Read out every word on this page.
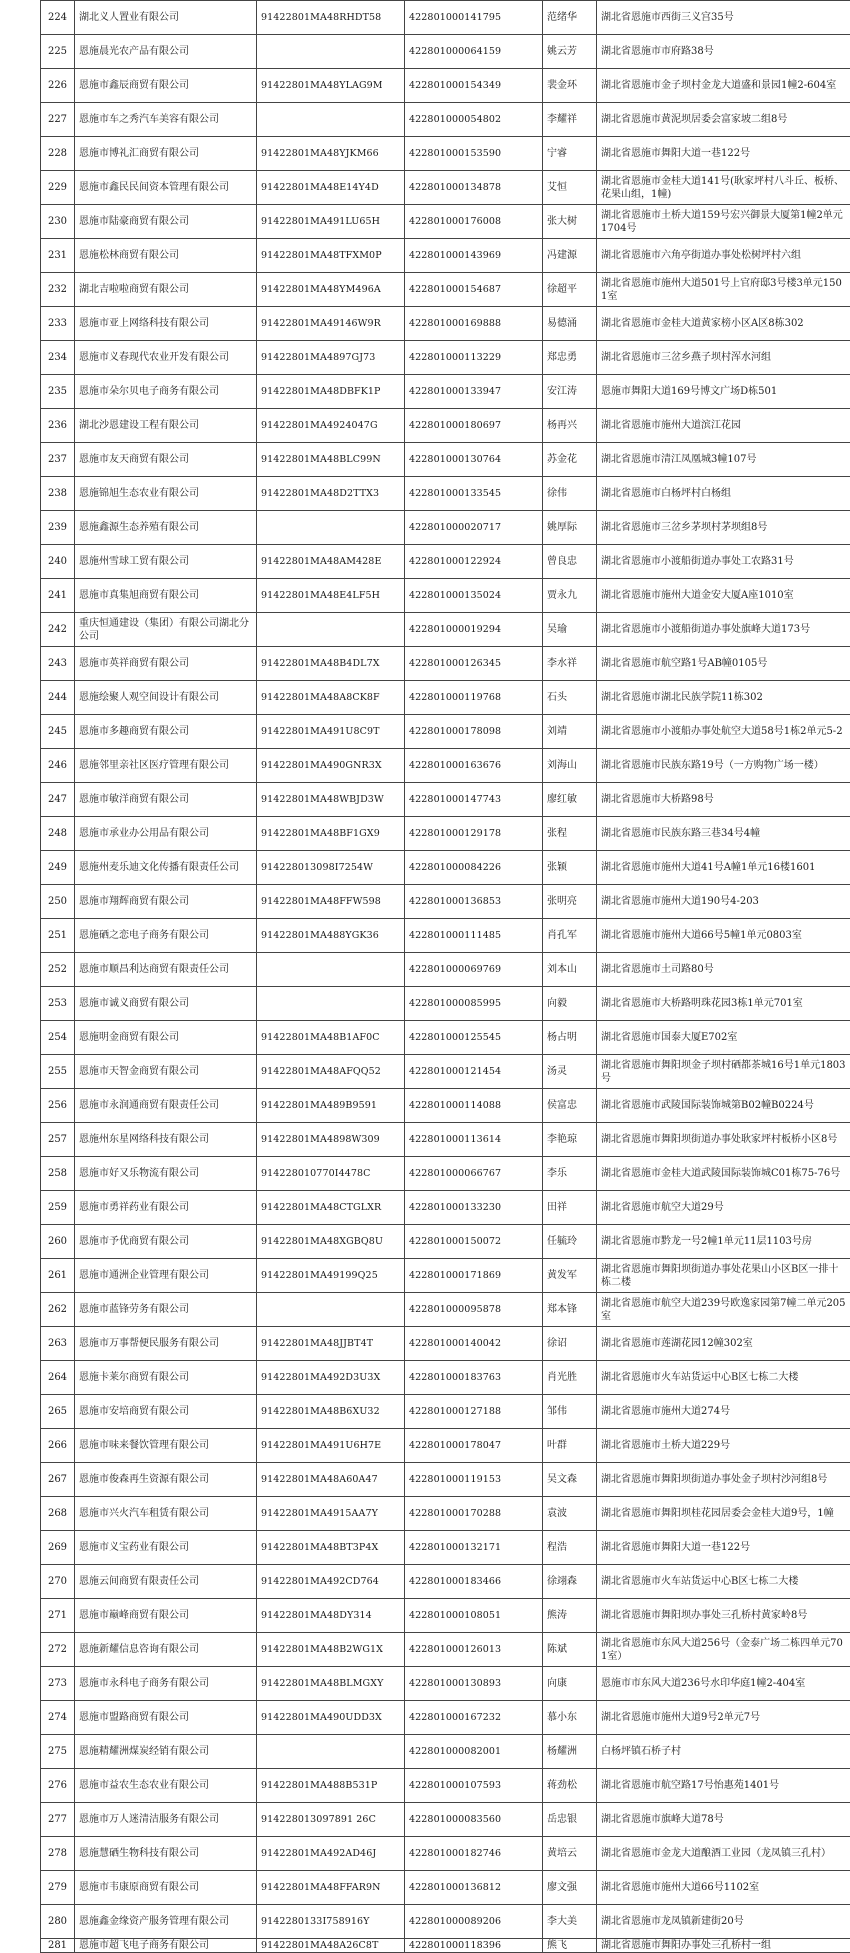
224	湖北义人置业有限公司	91422801MA48RHDT58	422801000141795	范绪华	湖北省恩施市西街三义宫35号
225	恩施晨光农产品有限公司		422801000064159	姚云芳	湖北省恩施市市府路38号
226	恩施市鑫辰商贸有限公司	91422801MA48YLAG9M	422801000154349	裴金环	湖北省恩施市金子坝村金龙大道盛和景园1幢2-604室
227	恩施市车之秀汽车美容有限公司		422801000054802	李耀祥	湖北省恩施市黄泥坝居委会富家坡二组8号
228	恩施市博礼汇商贸有限公司	91422801MA48YJKM66	422801000153590	宁睿	湖北省恩施市舞阳大道一巷122号
229	恩施市鑫民民间资本管理有限公司	91422801MA48E14Y4D	422801000134878	艾恒	湖北省恩施市金桂大道141号(耿家坪村八斗丘、板桥、花果山组，1幢)
230	恩施市陆豪商贸有限公司	91422801MA491LU65H	422801000176008	张大树	湖北省恩施市土桥大道159号宏兴御景大厦第1幢2单元1704号
231	恩施松林商贸有限公司	91422801MA48TFXM0P	422801000143969	冯建源	湖北省恩施市六角亭街道办事处松树坪村六组
232	湖北吉啦啦商贸有限公司	91422801MA48YM496A	422801000154687	徐超平	湖北省恩施市施州大道501号上官府邸3号楼3单元1501室
233	恩施市亚上网络科技有限公司	91422801MA49146W9R	422801000169888	易德涌	湖北省恩施市金桂大道黄家榜小区A区8栋302
234	恩施市义春现代农业开发有限公司	91422801MA4897GJ73	422801000113229	郑忠勇	湖北省恩施市三岔乡燕子坝村浑水河组
235	恩施市朵尔贝电子商务有限公司	91422801MA48DBFK1P	422801000133947	安江涛	恩施市舞阳大道169号博文广场D栋501
236	湖北沙恩建设工程有限公司	91422801MA4924047G	422801000180697	杨再兴	湖北省恩施市施州大道滨江花园
237	恩施市友天商贸有限公司	91422801MA48BLC99N	422801000130764	苏金花	湖北省恩施市清江凤凰城3幢107号
238	恩施锦旭生态农业有限公司	91422801MA48D2TTX3	422801000133545	徐伟	湖北省恩施市白杨坪村白杨组
239	恩施鑫源生态养殖有限公司		422801000020717	姚厚际	湖北省恩施市三岔乡茅坝村茅坝组8号
240	恩施州雪球工贸有限公司	91422801MA48AM428E	422801000122924	曾良忠	湖北省恩施市小渡船街道办事处工农路31号
241	恩施市真集旭商贸有限公司	91422801MA48E4LF5H	422801000135024	贾永九	湖北省恩施市施州大道金安大厦A座1010室
242	重庆恒通建设（集团）有限公司湖北分公司		422801000019294	吴瑜	湖北省恩施市小渡船街道办事处旗峰大道173号
243	恩施市英祥商贸有限公司	91422801MA48B4DL7X	422801000126345	李水祥	湖北省恩施市航空路1号AB幢0105号
244	恩施绘聚人观空间设计有限公司	91422801MA48A8CK8F	422801000119768	石头	湖北省恩施市湖北民族学院11栋302
245	恩施市多趣商贸有限公司	91422801MA491U8C9T	422801000178098	刘靖	湖北省恩施市小渡船办事处航空大道58号1栋2单元5-2
246	恩施邻里亲社区医疗管理有限公司	91422801MA490GNR3X	422801000163676	刘海山	湖北省恩施市民族东路19号（一方购物广场一楼）
247	恩施市敏洋商贸有限公司	91422801MA48WBJD3W	422801000147743	廖红敏	湖北省恩施市大桥路98号
248	恩施市承业办公用品有限公司	91422801MA48BF1GX9	422801000129178	张程	湖北省恩施市民族东路三巷34号4幢
249	恩施州麦乐迪文化传播有限责任公司	914228013098I7254W	422801000084226	张颖	湖北省恩施市施州大道41号A幢1单元16楼1601
250	恩施市翔辉商贸有限公司	91422801MA48FFW598	422801000136853	张明亮	湖北省恩施市施州大道190号4-203
251	恩施硒之恋电子商务有限公司	91422801MA488YGK36	422801000111485	肖孔军	湖北省恩施市施州大道66号5幢1单元0803室
252	恩施市顺昌利达商贸有限责任公司		422801000069769	刘本山	湖北省恩施市土司路80号
253	恩施市诚义商贸有限公司		422801000085995	向毅	湖北省恩施市大桥路明珠花园3栋1单元701室
254	恩施明金商贸有限公司	91422801MA48B1AF0C	422801000125545	杨占明	湖北省恩施市国泰大厦E702室
255	恩施市天智金商贸有限公司	91422801MA48AFQQ52	422801000121454	汤灵	湖北省恩施市舞阳坝金子坝村硒都茶城16号1单元1803号
256	恩施市永润通商贸有限责任公司	91422801MA489B9591	422801000114088	侯富忠	湖北省恩施市武陵国际装饰城第B02幢B0224号
257	恩施州东星网络科技有限公司	91422801MA4898W309	422801000113614	李艳琼	湖北省恩施市舞阳坝街道办事处耿家坪村板桥小区8号
258	恩施市好又乐物流有限公司	914228010770I4478C	422801000066767	李乐	湖北省恩施市金桂大道武陵国际装饰城C01栋75-76号
259	恩施市勇祥药业有限公司	91422801MA48CTGLXR	422801000133230	田祥	湖北省恩施市航空大道29号
260	恩施市予优商贸有限公司	91422801MA48XGBQ8U	422801000150072	任毓玲	湖北省恩施市黔龙一号2幢1单元11层1103号房
261	恩施市通洲企业管理有限公司	91422801MA49199Q25	422801000171869	黄发军	湖北省恩施市舞阳坝街道办事处花果山小区B区一排十栋二楼
262	恩施市蓝锋劳务有限公司		422801000095878	郑本锋	湖北省恩施市航空大道239号欧逸家园第7幢二单元205室
263	恩施市万事帮便民服务有限公司	91422801MA48JJBT4T	422801000140042	徐诏	湖北省恩施市莲湖花园12幢302室
264	恩施卡莱尔商贸有限公司	91422801MA492D3U3X	422801000183763	肖光胜	湖北省恩施市火车站货运中心B区七栋二大楼
265	恩施市安培商贸有限公司	91422801MA48B6XU32	422801000127188	邹伟	湖北省恩施市施州大道274号
266	恩施市味来餐饮管理有限公司	91422801MA491U6H7E	422801000178047	叶群	湖北省恩施市土桥大道229号
267	恩施市俊森再生资源有限公司	91422801MA48A60A47	422801000119153	吴文森	湖北省恩施市舞阳坝街道办事处金子坝村沙河组8号
268	恩施市兴火汽车租赁有限公司	91422801MA4915AA7Y	422801000170288	袁波	湖北省恩施市舞阳坝桂花园居委会金桂大道9号，1幢
269	恩施市义宝药业有限公司	91422801MA48BT3P4X	422801000132171	程浩	湖北省恩施市舞阳大道一巷122号
270	恩施云间商贸有限责任公司	91422801MA492CD764	422801000183466	徐翊森	湖北省恩施市火车站货运中心B区七栋二大楼
271	恩施市巅峰商贸有限公司	91422801MA48DY314	422801000108051	熊涛	湖北省恩施市舞阳坝办事处三孔桥村黄家岭8号
272	恩施新耀信息咨询有限公司	91422801MA48B2WG1X	422801000126013	陈斌	湖北省恩施市东风大道256号（金泰广场二栋四单元701室）
273	恩施市永科电子商务有限公司	91422801MA48BLMGXY	422801000130893	向康	恩施市市东风大道236号水印华庭1幢2-404室
274	恩施市盟路商贸有限公司	91422801MA490UDD3X	422801000167232	慕小东	湖北省恩施市施州大道9号2单元7号
275	恩施精耀洲煤炭经销有限公司		422801000082001	杨耀洲	白杨坪镇石桥子村
276	恩施市益农生态农业有限公司	91422801MA488B531P	422801000107593	蒋劲松	湖北省恩施市航空路17号怡惠苑1401号
277	恩施市万人迷清洁服务有限公司	914228013097891 26C	422801000083560	岳忠银	湖北省恩施市旗峰大道78号
278	恩施慧硒生物科技有限公司	91422801MA492AD46J	422801000182746	黄培云	湖北省恩施市金龙大道酿酒工业园（龙凤镇三孔村）
279	恩施市韦康原商贸有限公司	91422801MA48FFAR9N	422801000136812	廖文强	湖北省恩施市施州大道66号1102室
280	恩施鑫金缘资产服务管理有限公司	9142280133I758916Y	422801000089206	李大美	湖北省恩施市龙凤镇新建街20号
281	恩施市超飞电子商务有限公司	91422801MA48A26C8T	422801000118396	熊飞	湖北省恩施市舞阳办事处三孔桥村一组
